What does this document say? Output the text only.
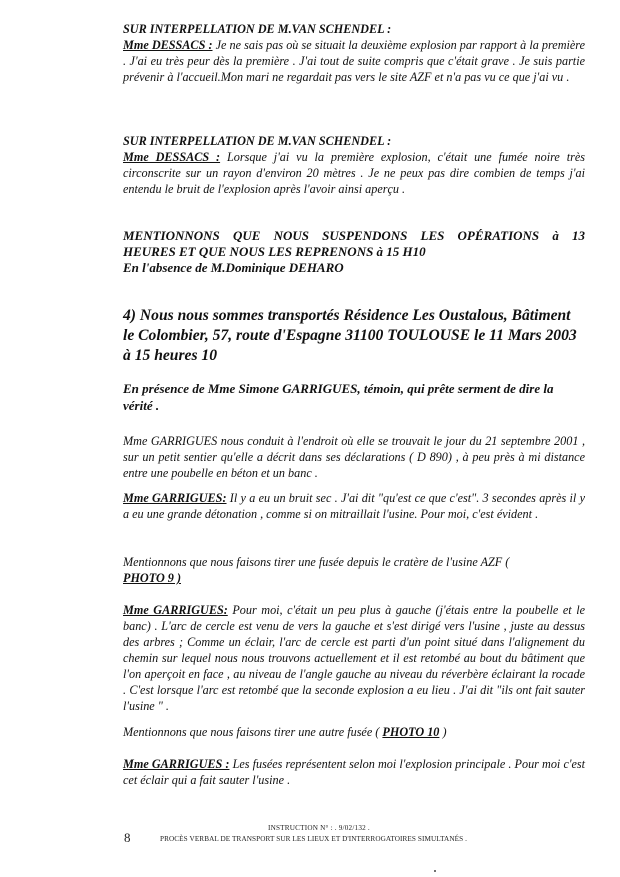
SUR INTERPELLATION DE M.VAN SCHENDEL :
Mme DESSACS : Je ne sais pas où se situait la deuxième explosion par rapport à la première . J'ai eu très peur dès la première . J'ai tout de suite compris que c'était grave . Je suis partie prévenir à l'accueil.Mon mari ne regardait pas vers le site AZF et n'a pas vu ce que j'ai vu .
SUR INTERPELLATION DE M.VAN SCHENDEL :
Mme DESSACS : Lorsque j'ai vu la première explosion, c'était une fumée noire très circonscrite sur un rayon d'environ 20 mètres . Je ne peux pas dire combien de temps j'ai entendu le bruit de l'explosion après l'avoir ainsi aperçu .
MENTIONNONS QUE NOUS SUSPENDONS LES OPÉRATIONS à 13
HEURES ET QUE NOUS LES REPRENONS à 15 H10
En l'absence de M.Dominique DEHARO
4) Nous nous sommes transportés Résidence Les Oustalous, Bâtiment le Colombier, 57, route d'Espagne 31100 TOULOUSE le 11 Mars 2003 à 15 heures 10
En présence de Mme Simone GARRIGUES, témoin, qui prête serment de dire la vérité .
Mme GARRIGUES nous conduit à l'endroit où elle se trouvait le jour du 21 septembre 2001 , sur un petit sentier qu'elle a décrit dans ses déclarations ( D 890) , à peu près à mi distance entre une poubelle en béton et un banc .
Mme GARRIGUES: Il y a eu un bruit sec . J'ai dit "qu'est ce que c'est". 3 secondes après il y a eu une grande détonation , comme si on mitraillait l'usine. Pour moi, c'est évident .
Mentionnons que nous faisons tirer une fusée depuis le cratère de l'usine AZF (
PHOTO 9 )
Mme GARRIGUES: Pour moi, c'était un peu plus à gauche (j'étais entre la poubelle et le banc) . L'arc de cercle est venu de vers la gauche et s'est dirigé vers l'usine , juste au dessus des arbres ; Comme un éclair, l'arc de cercle est parti d'un point situé dans l'alignement du chemin sur lequel nous nous trouvons actuellement et il est retombé au bout du bâtiment que l'on aperçoit en face , au niveau de l'angle gauche au niveau du réverbère éclairant la rocade . C'est lorsque l'arc est retombé que la seconde explosion a eu lieu . J'ai dit "ils ont fait sauter l'usine " .
Mentionnons que nous faisons tirer une autre fusée ( PHOTO 10 )
Mme GARRIGUES : Les fusées représentent selon moi l'explosion principale . Pour moi c'est cet éclair qui a fait sauter l'usine .
8
INSTRUCTION N° : . 9/02/132 .
PROCÈS VERBAL DE TRANSPORT SUR LES LIEUX ET D'INTERROGATOIRES SIMULTANÉS .
